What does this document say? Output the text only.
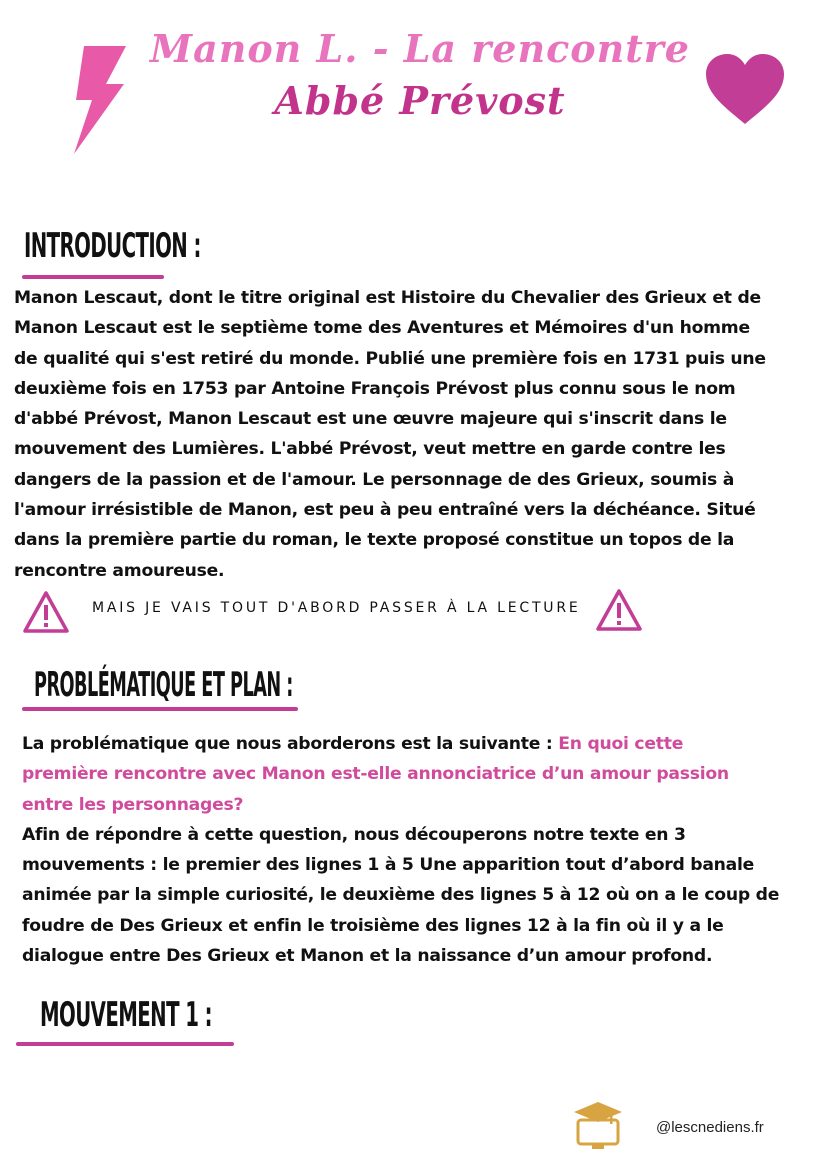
Manon L. - La rencontre
Abbé Prévost
INTRODUCTION :

Manon Lescaut, dont le titre original est Histoire du Chevalier des Grieux et de

Manon Lescaut est le septième tome des Aventures et Mémoires d'un homme

de qualité qui s'est retiré du monde. Publié une première fois en 1731 puis une

deuxième fois en 1753 par Antoine François Prévost plus connu sous le nom

d'abbé Prévost, Manon Lescaut est une œuvre majeure qui s'inscrit dans le

mouvement des Lumières. L'abbé Prévost, veut mettre en garde contre les

dangers de la passion et de l'amour. Le personnage de des Grieux, soumis à

l'amour irrésistible de Manon, est peu à peu entraîné vers la déchéance. Situé

dans la première partie du roman, le texte proposé constitue un topos de la

rencontre amoureuse.

MAIS JE VAIS TOUT D'ABORD PASSER À LA LECTURE
PROBLÉMATIQUE ET PLAN :

La problématique que nous aborderons est la suivante : En quoi cette

première rencontre avec Manon est-elle annonciatrice d’un amour passion

entre les personnages?

Afin de répondre à cette question, nous découperons notre texte en 3

mouvements : le premier des lignes 1 à 5 Une apparition tout d’abord banale

animée par la simple curiosité, le deuxième des lignes 5 à 12 où on a le coup de

foudre de Des Grieux et enfin le troisième des lignes 12 à la fin où il y a le

dialogue entre Des Grieux et Manon et la naissance d’un amour profond.

MOUVEMENT 1 :
@lescnediens.fr
